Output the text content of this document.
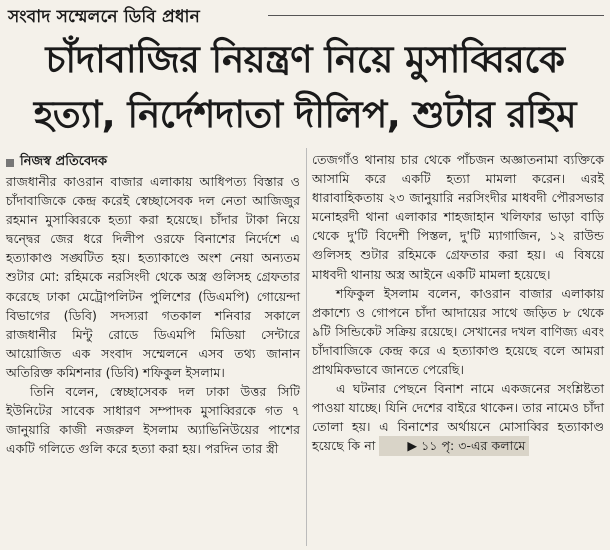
সংবাদ সম্মেলনে ডিবি প্রধান
চাঁদাবাজির নিয়ন্ত্রণ নিয়ে মুসাব্বিরকে
হত্যা, নির্দেশদাতা দীলিপ, শুটার রহিম
নিজস্ব প্রতিবেদক

রাজধানীর কাওরান বাজার এলাকায় আধিপত্য বিস্তার ও চাঁদাবাজিকে কেন্দ্র করেই স্বেচ্ছাসেবক দল নেতা আজিজুর রহমান মুসাব্বিরকে হত্যা করা হয়েছে। চাঁদার টাকা নিয়ে দ্বন্দ্বের জের ধরে দিলীপ ওরফে বিনাশের নির্দেশে এ হত্যাকাণ্ড সঙ্ঘটিত হয়। হত্যাকাণ্ডে অংশ নেয়া অন্যতম শুটার মো: রহিমকে নরসিংদী থেকে অস্ত্র গুলিসহ গ্রেফতার করেছে ঢাকা মেট্রোপলিটন পুলিশের (ডিএমপি) গোয়েন্দা বিভাগের (ডিবি) সদস্যরা গতকাল শনিবার সকালে রাজধানীর মিন্টু রোডে ডিএমপি মিডিয়া সেন্টারে আয়োজিত এক সংবাদ সম্মেলনে এসব তথ্য জানান অতিরিক্ত কমিশনার (ডিবি) শফিকুল ইসলাম।

তিনি বলেন, স্বেচ্ছাসেবক দল ঢাকা উত্তর সিটি ইউনিটের সাবেক সাধারণ সম্পাদক মুসাব্বিরকে গত ৭ জানুয়ারি কাজী নজরুল ইসলাম অ্যাভিনিউয়ের পাশের একটি গলিতে গুলি করে হত্যা করা হয়। পরদিন তার স্ত্রী

তেজগাঁও থানায় চার থেকে পাঁচজন অজ্ঞাতনামা ব্যক্তিকে আসামি করে একটি হত্যা মামলা করেন। এরই ধারাবাহিকতায় ২৩ জানুয়ারি নরসিংদীর মাধবদী পৌরসভার মনোহরদী থানা এলাকার শাহজাহান খলিফার ভাড়া বাড়ি থেকে দু'টি বিদেশী পিস্তল, দু'টি ম্যাগাজিন, ১২ রাউন্ড গুলিসহ শুটার রহিমকে গ্রেফতার করা হয়। এ বিষয়ে মাধবদী থানায় অস্ত্র আইনে একটি মামলা হয়েছে।

শফিকুল ইসলাম বলেন, কাওরান বাজার এলাকায় প্রকাশ্যে ও গোপনে চাঁদা আদায়ের সাথে জড়িত ৮ থেকে ৯টি সিন্ডিকেট সক্রিয় রয়েছে। সেখানের দখল বাণিজ্য এবং চাঁদাবাজিকে কেন্দ্র করে এ হত্যাকাণ্ড হয়েছে বলে আমরা প্রাথমিকভাবে জানতে পেরেছি।

এ ঘটনার পেছনে বিনাশ নামে একজনের সংশ্লিষ্টতা পাওয়া যাচ্ছে। যিনি দেশের বাইরে থাকেন। তার নামেও চাঁদা তোলা হয়। এ বিনাশের অর্থায়নে মোসাব্বির হত্যাকাণ্ড হয়েছে কি না	▶ ১১ পৃ: ৩-এর কলামে
